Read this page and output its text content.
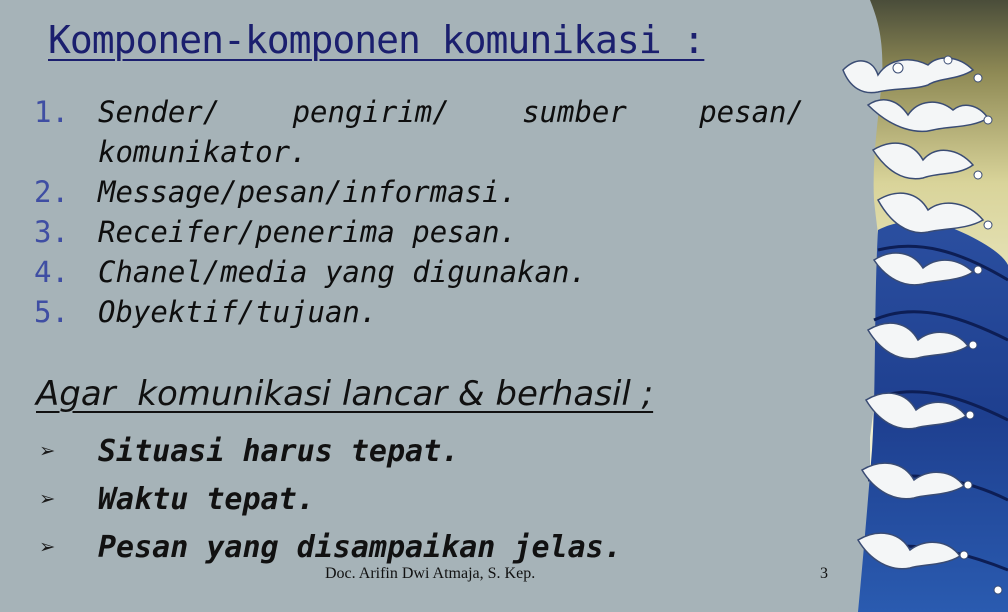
Komponen-komponen komunikasi :
1. Sender/ pengirim/ sumber pesan/
komunikator.
2. Message/pesan/informasi.
3. Receifer/penerima pesan.
4. Chanel/media yang digunakan.
5. Obyektif/tujuan.
Agar  komunikasi lancar & berhasil ;
➢ Situasi harus tepat.
➢ Waktu tepat.
➢ Pesan yang disampaikan jelas.
Doc. Arifin Dwi Atmaja, S. Kep.	3
